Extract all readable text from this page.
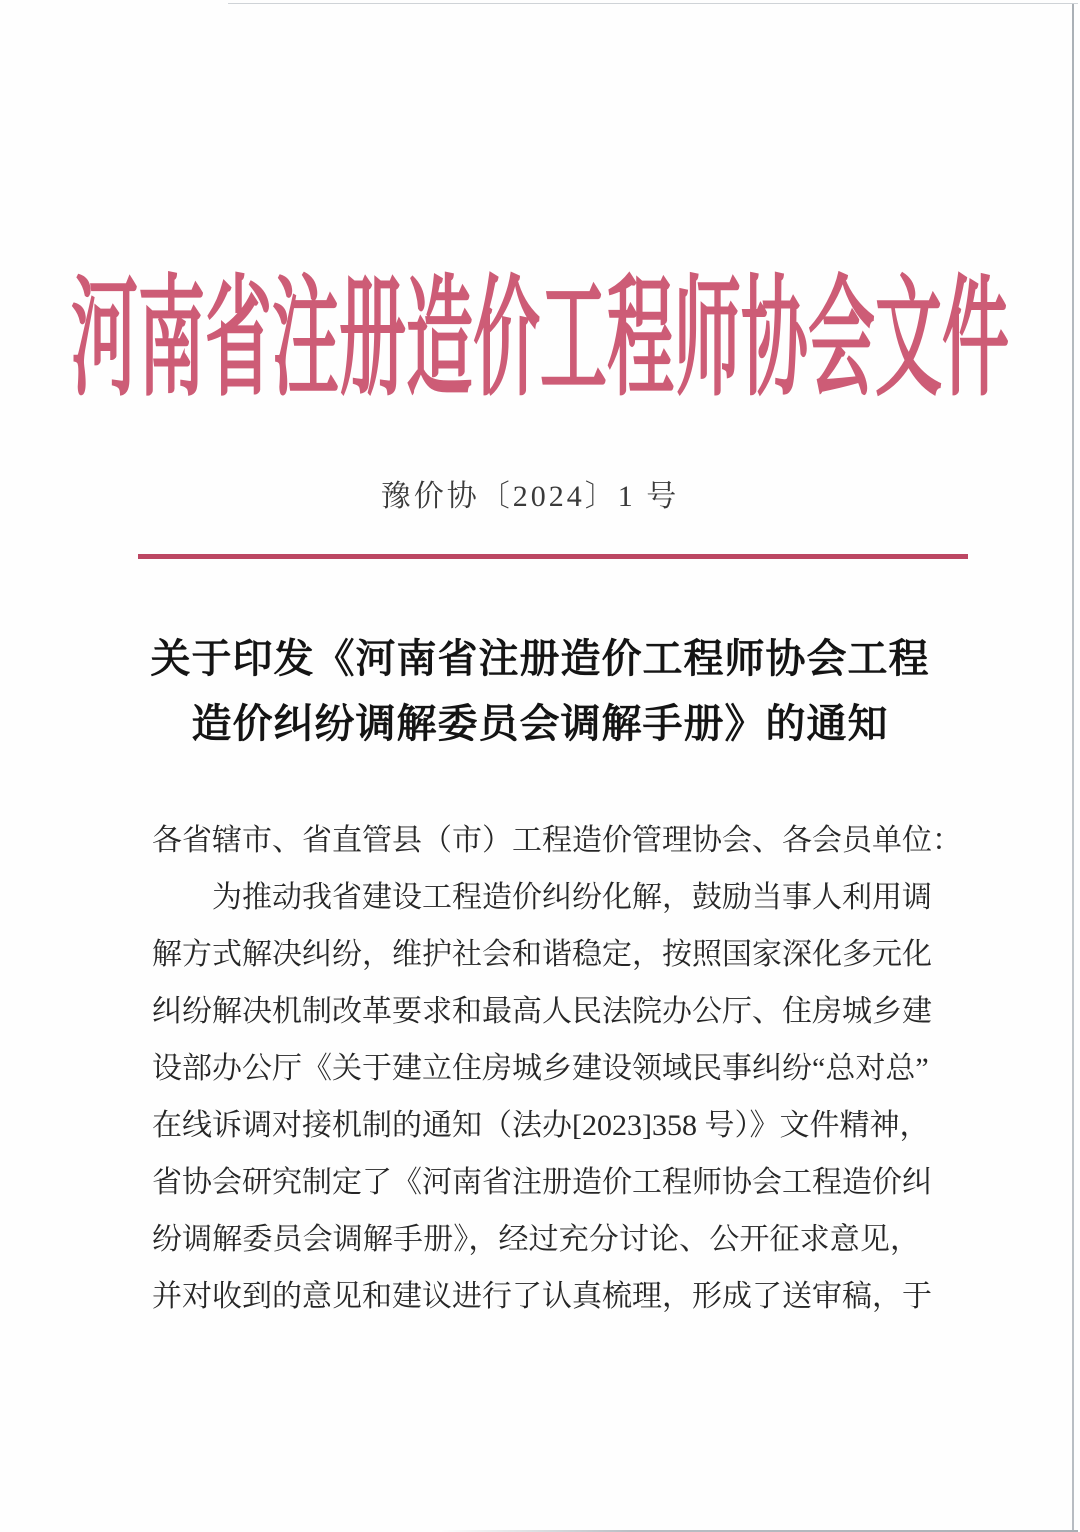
河南省注册造价工程师协会文件
豫价协〔2024〕1 号
关于印发《河南省注册造价工程师协会工程
造价纠纷调解委员会调解手册》的通知
各省辖市、省直管县（市）工程造价管理协会、各会员单位：
为推动我省建设工程造价纠纷化解，鼓励当事人利用调
解方式解决纠纷，维护社会和谐稳定，按照国家深化多元化
纠纷解决机制改革要求和最高人民法院办公厅、住房城乡建
设部办公厅《关于建立住房城乡建设领域民事纠纷“总对总”
在线诉调对接机制的通知（法办[2023]358 号）》文件精神，
省协会研究制定了《河南省注册造价工程师协会工程造价纠
纷调解委员会调解手册》，经过充分讨论、公开征求意见，
并对收到的意见和建议进行了认真梳理，形成了送审稿，于
